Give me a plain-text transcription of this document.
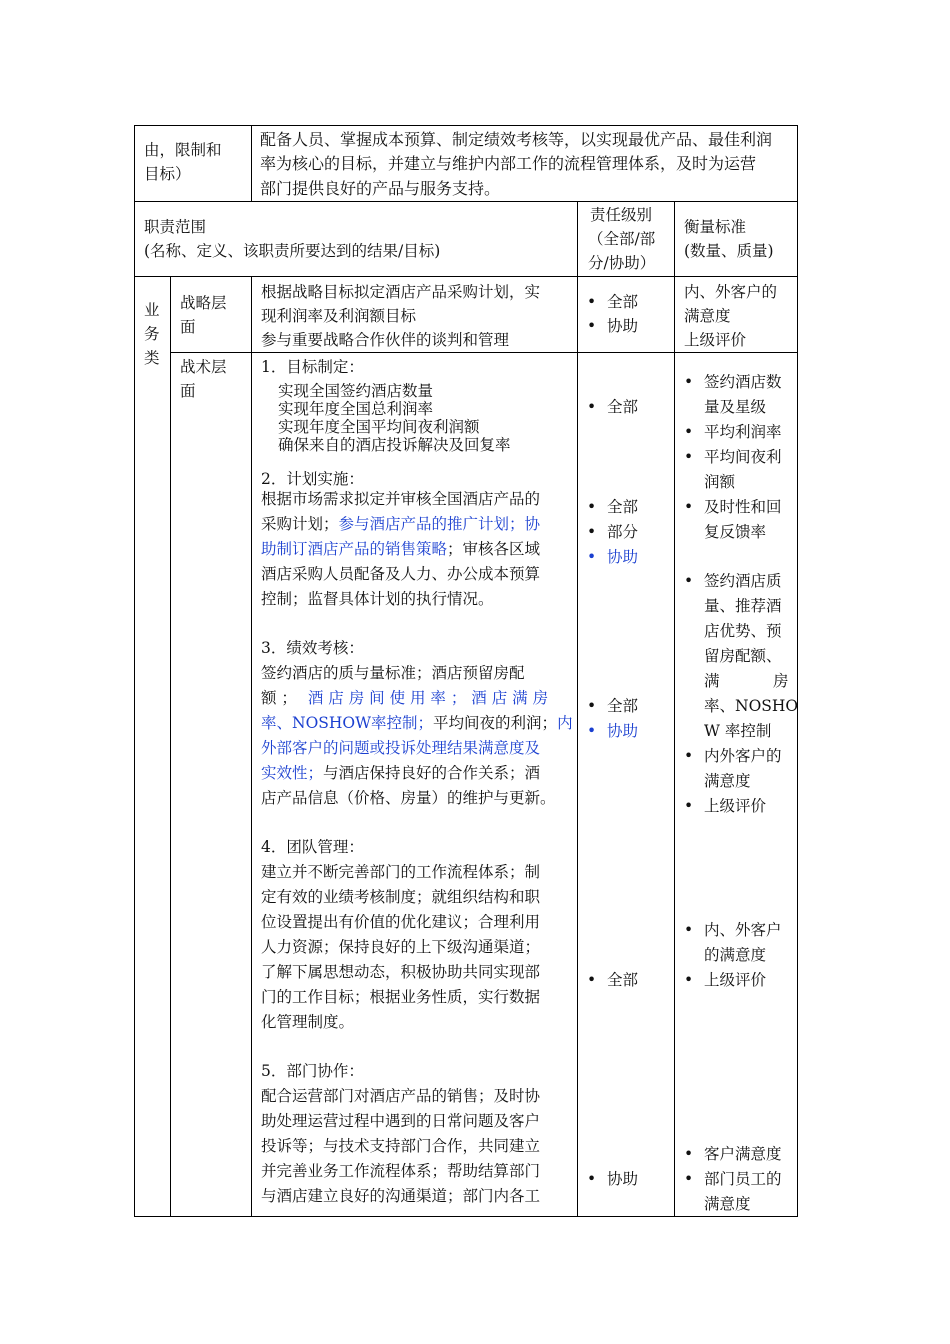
由，限制和
目标）
配备人员、掌握成本预算、制定绩效考核等，以实现最优产品、最佳利润
率为核心的目标，并建立与维护内部工作的流程管理体系，及时为运营
部门提供良好的产品与服务支持。
职责范围
(名称、定义、该职责所要达到的结果/目标)
责任级别
（全部/部
分/协助）
衡量标准
(数量、质量)
业
务
类
战略层
面
根据战略目标拟定酒店产品采购计划，实
现利润率及利润额目标
参与重要战略合作伙伴的谈判和管理
• 全部
• 协助
内、外客户的
满意度
上级评价
战术层
面
1．目标制定：
实现全国签约酒店数量
实现年度全国总利润率
实现年度全国平均间夜利润额
确保来自的酒店投诉解决及回复率
2．计划实施：
根据市场需求拟定并审核全国酒店产品的
采购计划；参与酒店产品的推广计划；协
助制订酒店产品的销售策略；审核各区域
酒店采购人员配备及人力、办公成本预算
控制；监督具体计划的执行情况。
3．绩效考核：
签约酒店的质与量标准；酒店预留房配
额 ； 酒 店 房 间 使 用 率 ； 酒 店 满 房
率、NOSHOW率控制；平均间夜的利润；内
外部客户的问题或投诉处理结果满意度及
实效性；与酒店保持良好的合作关系；酒
店产品信息（价格、房量）的维护与更新。
4．团队管理：
建立并不断完善部门的工作流程体系；制
定有效的业绩考核制度；就组织结构和职
位设置提出有价值的优化建议；合理利用
人力资源；保持良好的上下级沟通渠道；
了解下属思想动态，积极协助共同实现部
门的工作目标；根据业务性质，实行数据
化管理制度。
5．部门协作：
配合运营部门对酒店产品的销售；及时协
助处理运营过程中遇到的日常问题及客户
投诉等；与技术支持部门合作，共同建立
并完善业务工作流程体系；帮助结算部门
与酒店建立良好的沟通渠道；部门内各工
• 全部
• 全部
• 部分
• 协助
• 全部
• 协助
• 全部
• 协助
• 签约酒店数
量及星级
• 平均利润率
• 平均间夜利
润额
• 及时性和回
复反馈率
• 签约酒店质
量、推荐酒
店优势、预
留房配额、
满	房
率、NOSHO
W 率控制
• 内外客户的
满意度
• 上级评价
• 内、外客户
的满意度
• 上级评价
• 客户满意度
• 部门员工的
满意度
